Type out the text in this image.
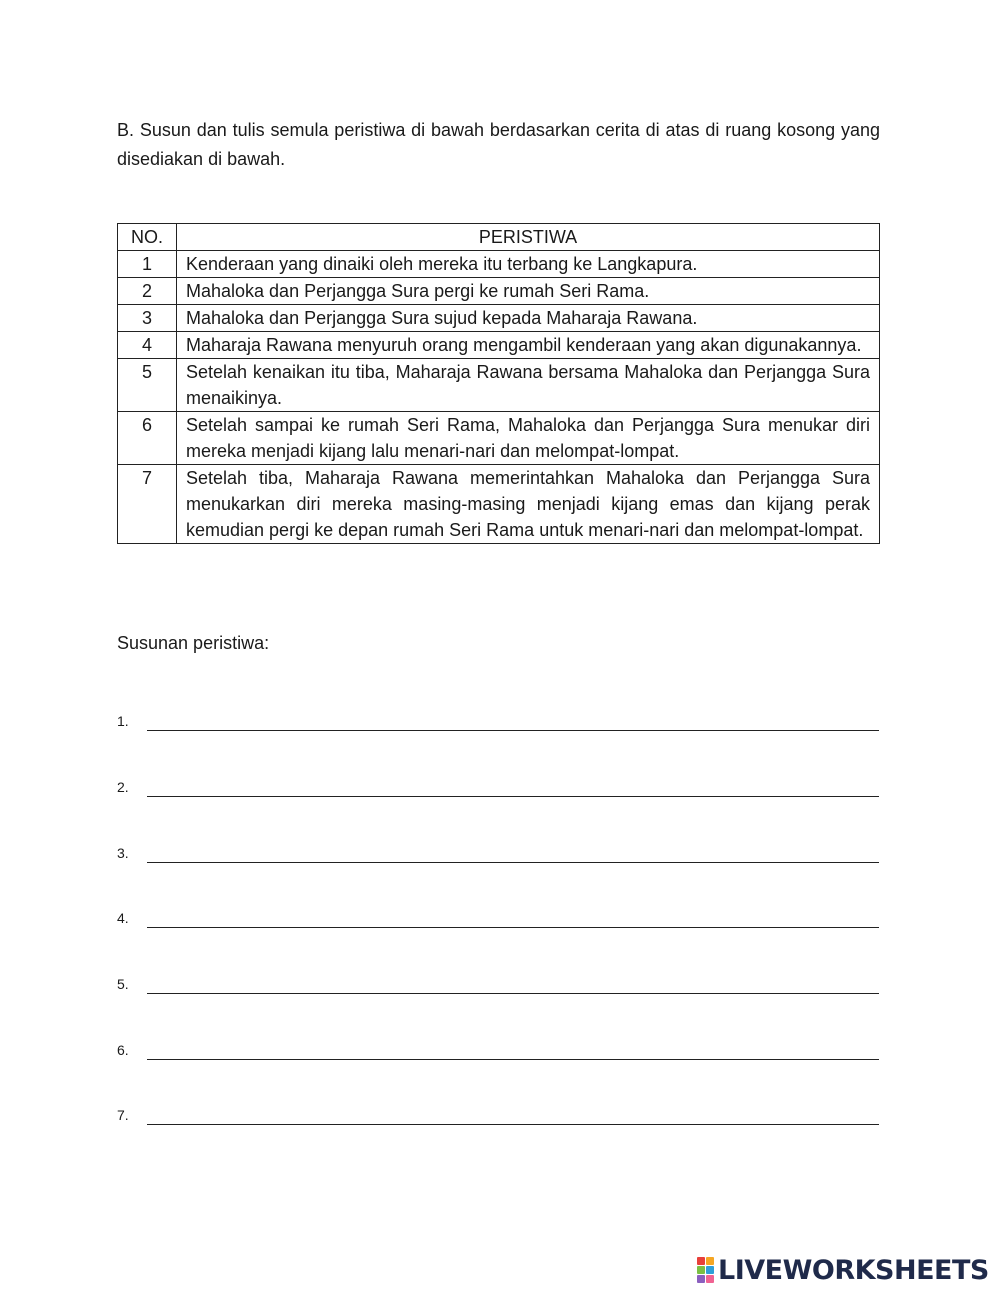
B. Susun dan tulis semula peristiwa di bawah berdasarkan cerita di atas di ruang kosong yang disediakan di bawah.

NO.	PERISTIWA
1	Kenderaan yang dinaiki oleh mereka itu terbang ke Langkapura.
2	Mahaloka dan Perjangga Sura pergi ke rumah Seri Rama.
3	Mahaloka dan Perjangga Sura sujud kepada Maharaja Rawana.
4	Maharaja Rawana menyuruh orang mengambil kenderaan yang akan digunakannya.
5	Setelah kenaikan itu tiba, Maharaja Rawana bersama Mahaloka dan Perjangga Sura menaikinya.
6	Setelah sampai ke rumah Seri Rama, Mahaloka dan Perjangga Sura menukar diri mereka menjadi kijang lalu menari-nari dan melompat-lompat.
7	Setelah tiba, Maharaja Rawana memerintahkan Mahaloka dan Perjangga Sura menukarkan diri mereka masing-masing menjadi kijang emas dan kijang perak kemudian pergi ke depan rumah Seri Rama untuk menari-nari dan melompat-lompat.

Susunan peristiwa:

1.
2.
3.
4.
5.
6.
7.
LIVEWORKSHEETS
